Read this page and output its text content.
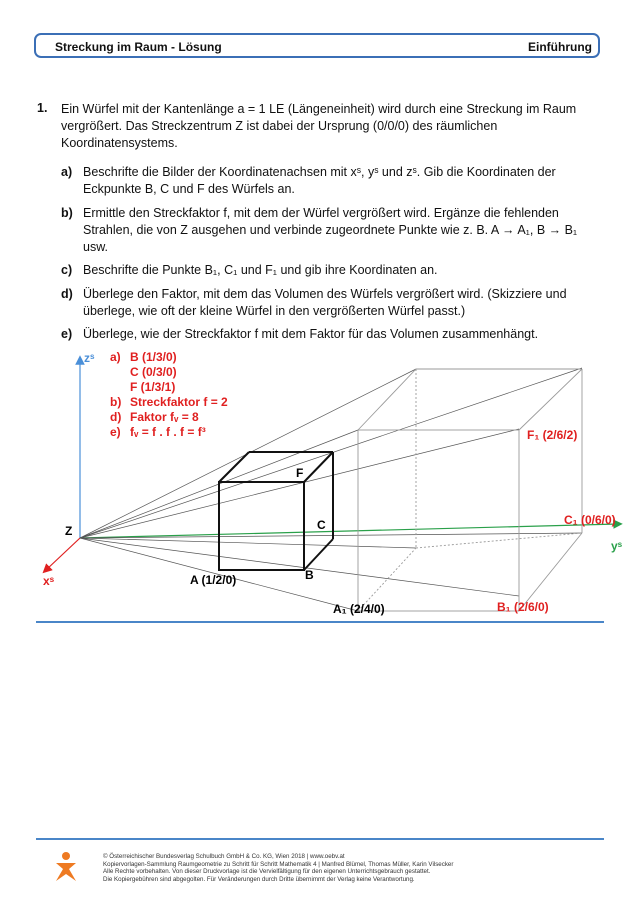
Streckung im Raum - Lösung	Einführung
1. Ein Würfel mit der Kantenlänge a = 1 LE (Längeneinheit) wird durch eine Streckung im Raum vergrößert. Das Streckzentrum Z ist dabei der Ursprung (0/0/0) des räumlichen Koordinatensystems.
a) Beschrifte die Bilder der Koordinatenachsen mit xˢ, yˢ und zˢ. Gib die Koordinaten der Eckpunkte B, C und F des Würfels an.
b) Ermittle den Streckfaktor f, mit dem der Würfel vergrößert wird. Ergänze die fehlenden Strahlen, die von Z ausgehen und verbinde zugeordnete Punkte wie z. B. A → A₁, B → B₁ usw.
c) Beschrifte die Punkte B₁, C₁ und F₁ und gib ihre Koordinaten an.
d) Überlege den Faktor, mit dem das Volumen des Würfels vergrößert wird. (Skizziere und überlege, wie oft der kleine Würfel in den vergrößerten Würfel passt.)
e) Überlege, wie der Streckfaktor f mit dem Faktor für das Volumen zusammenhängt.
zˢ
yˢ
xˢ
Z
F
C
B
A (1/2/0)
A₁ (2/4/0)	B₁ (2/6/0)
C₁ (0/6/0)
F₁ (2/6/2)
a) B (1/3/0)
C (0/3/0)
F (1/3/1)
b) Streckfaktor f = 2
d) Faktor fᵥ = 8
e) fᵥ = f . f . f = f³
© Österreichischer Bundesverlag Schulbuch GmbH & Co. KG, Wien 2018 | www.oebv.at
Kopiervorlagen-Sammlung Raumgeometrie zu Schritt für Schritt Mathematik 4 | Manfred Blümel, Thomas Müller, Karin Vilsecker
Alle Rechte vorbehalten. Von dieser Druckvorlage ist die Vervielfältigung für den eigenen Unterrichtsgebrauch gestattet.
Die Kopiergebühren sind abgegolten. Für Veränderungen durch Dritte übernimmt der Verlag keine Verantwortung.
